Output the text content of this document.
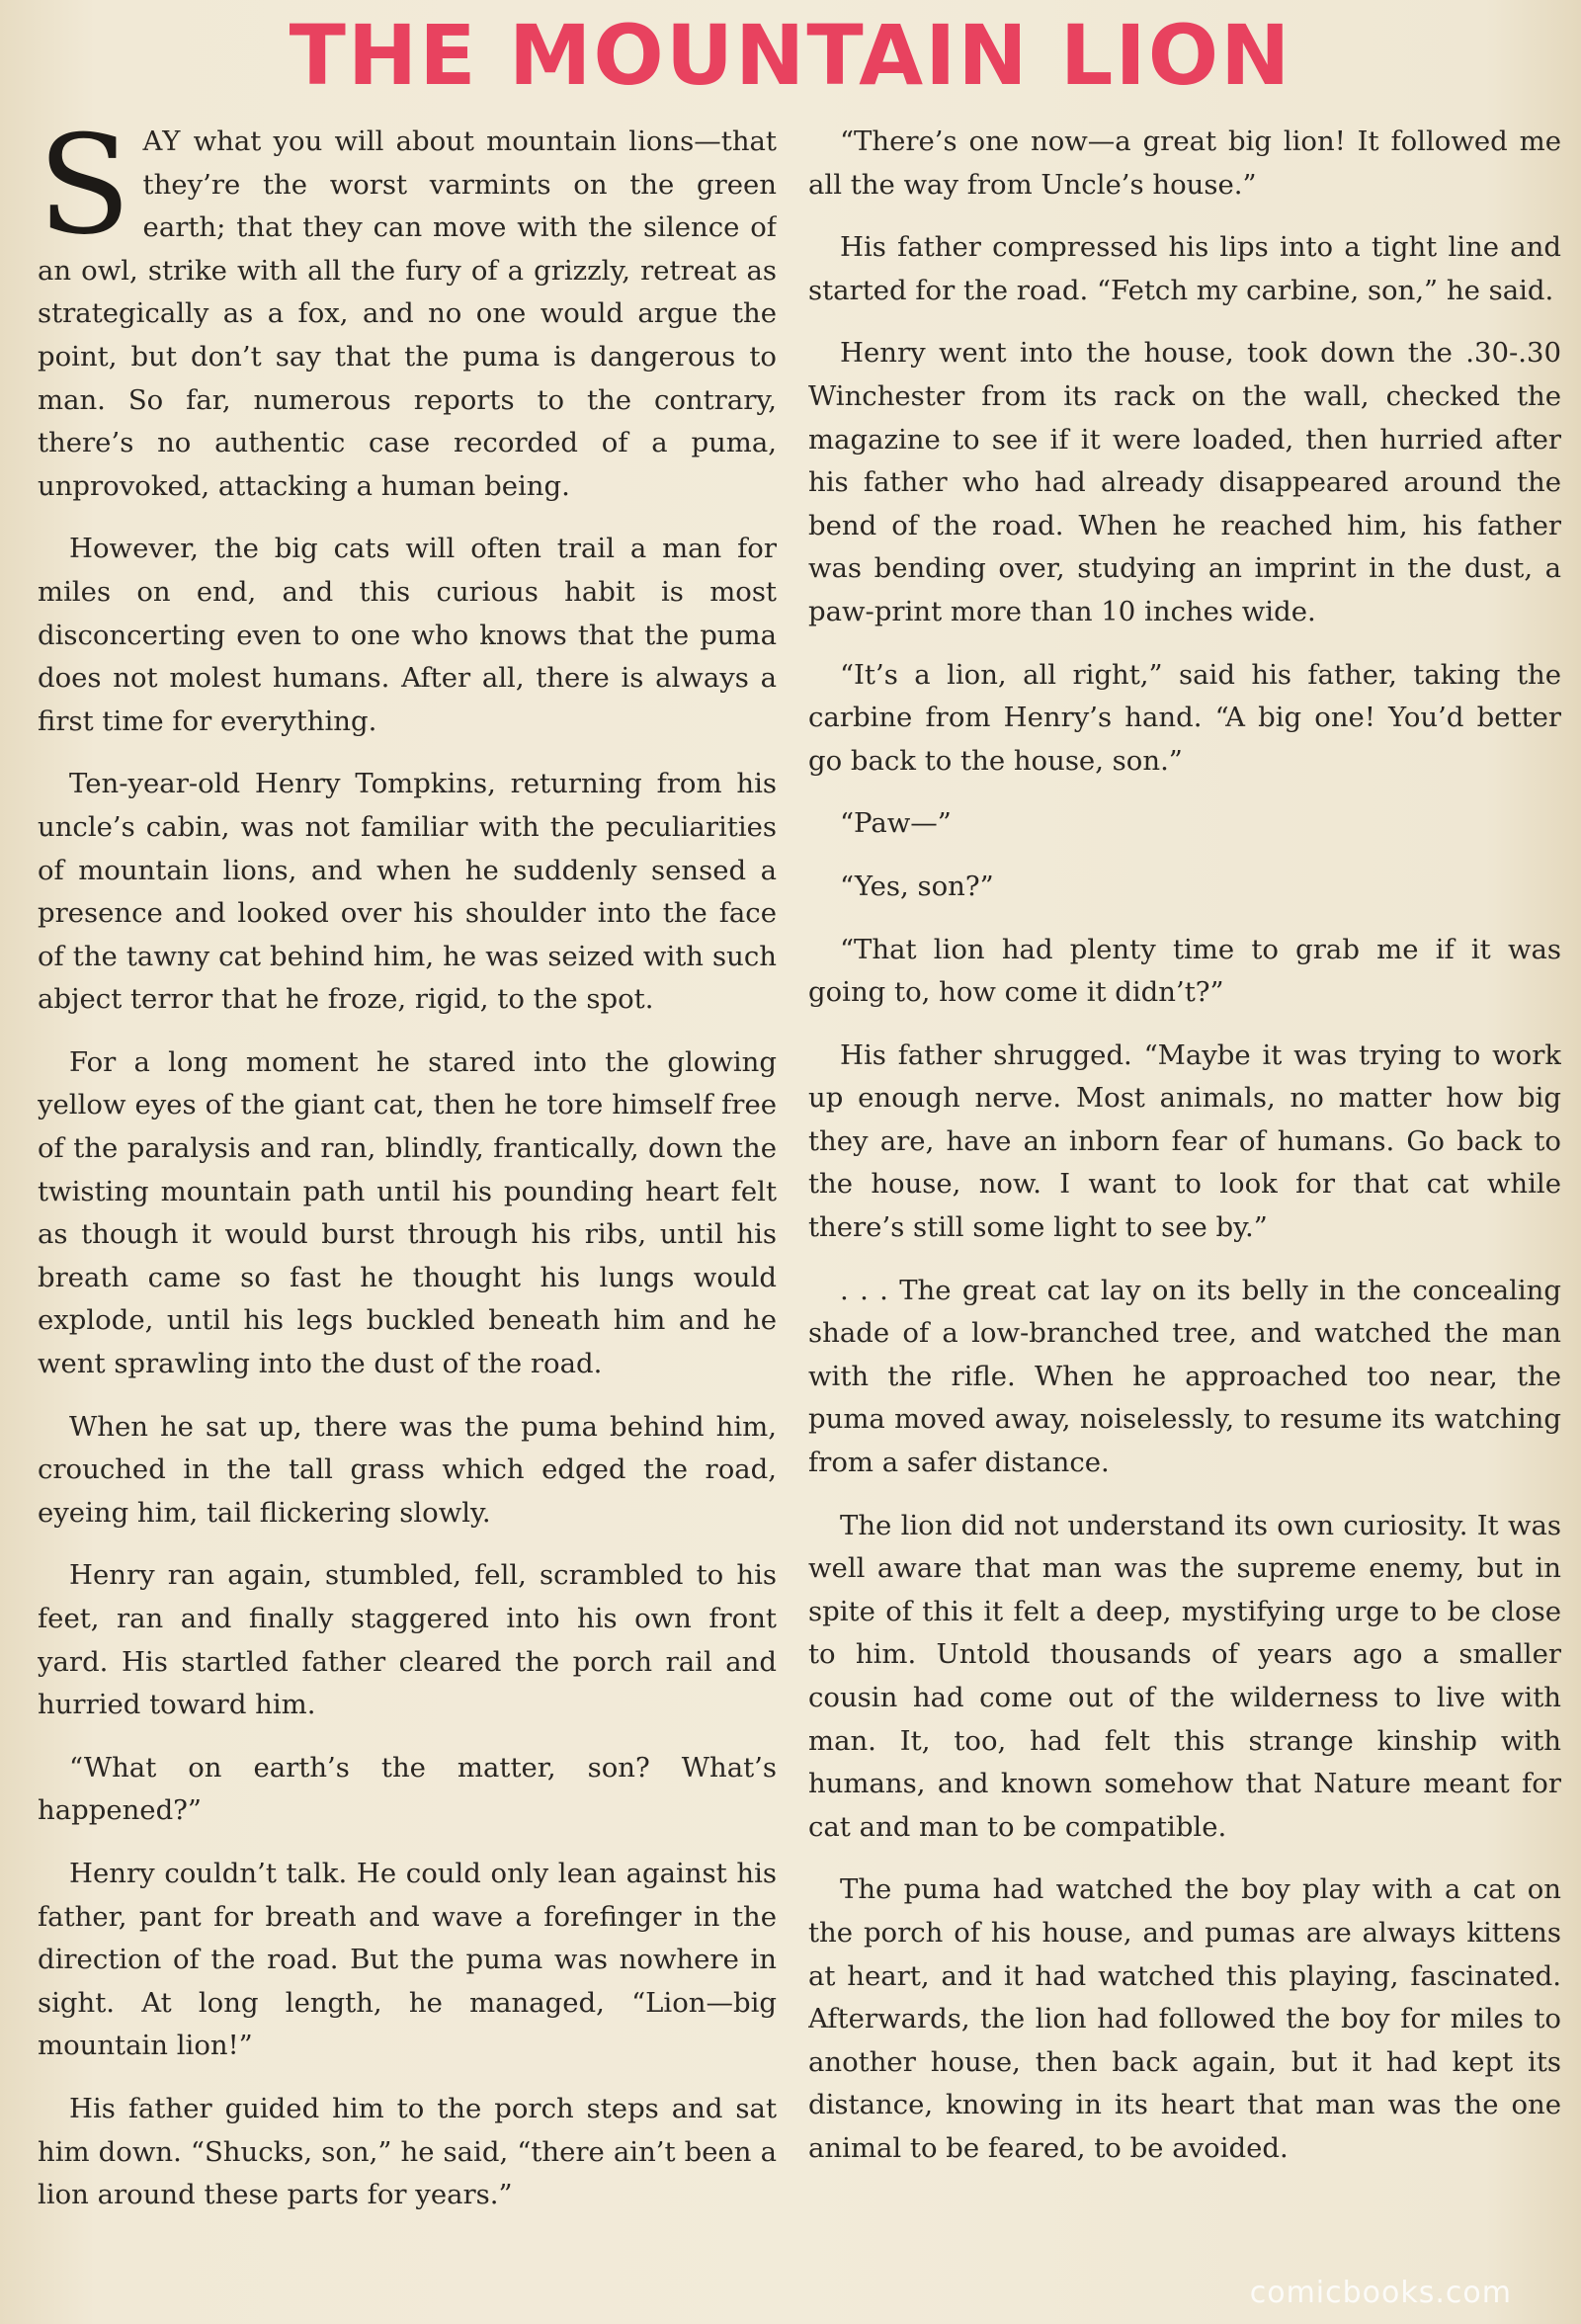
THE MOUNTAIN LION

SAY what you will about mountain lions—that they’re the worst varmints on the green earth; that they can move with the silence of an owl, strike with all the fury of a grizzly, retreat as strategically as a fox, and no one would argue the point, but don’t say that the puma is dangerous to man. So far, numerous reports to the contrary, there’s no authentic case recorded of a puma, unprovoked, attacking a human being.

However, the big cats will often trail a man for miles on end, and this curious habit is most disconcerting even to one who knows that the puma does not molest humans. After all, there is always a first time for everything.

Ten-year-old Henry Tompkins, returning from his uncle’s cabin, was not familiar with the peculiarities of mountain lions, and when he suddenly sensed a presence and looked over his shoulder into the face of the tawny cat behind him, he was seized with such abject terror that he froze, rigid, to the spot.

For a long moment he stared into the glowing yellow eyes of the giant cat, then he tore himself free of the paralysis and ran, blindly, frantically, down the twisting mountain path until his pounding heart felt as though it would burst through his ribs, until his breath came so fast he thought his lungs would explode, until his legs buckled beneath him and he went sprawling into the dust of the road.

When he sat up, there was the puma behind him, crouched in the tall grass which edged the road, eyeing him, tail flickering slowly.

Henry ran again, stumbled, fell, scrambled to his feet, ran and finally staggered into his own front yard. His startled father cleared the porch rail and hurried toward him.

“What on earth’s the matter, son? What’s happened?”

Henry couldn’t talk. He could only lean against his father, pant for breath and wave a forefinger in the direction of the road. But the puma was nowhere in sight. At long length, he managed, “Lion—big mountain lion!”

His father guided him to the porch steps and sat him down. “Shucks, son,” he said, “there ain’t been a lion around these parts for years.”

“There’s one now—a great big lion! It followed me all the way from Uncle’s house.”

His father compressed his lips into a tight line and started for the road. “Fetch my carbine, son,” he said.

Henry went into the house, took down the .30-.30 Winchester from its rack on the wall, checked the magazine to see if it were loaded, then hurried after his father who had already disappeared around the bend of the road. When he reached him, his father was bending over, studying an imprint in the dust, a paw-print more than 10 inches wide.

“It’s a lion, all right,” said his father, taking the carbine from Henry’s hand. “A big one! You’d better go back to the house, son.”

“Paw—”

“Yes, son?”

“That lion had plenty time to grab me if it was going to, how come it didn’t?”

His father shrugged. “Maybe it was trying to work up enough nerve. Most animals, no matter how big they are, have an inborn fear of humans. Go back to the house, now. I want to look for that cat while there’s still some light to see by.”

. . . The great cat lay on its belly in the concealing shade of a low-branched tree, and watched the man with the rifle. When he approached too near, the puma moved away, noiselessly, to resume its watching from a safer distance.

The lion did not understand its own curiosity. It was well aware that man was the supreme enemy, but in spite of this it felt a deep, mystifying urge to be close to him. Untold thousands of years ago a smaller cousin had come out of the wilderness to live with man. It, too, had felt this strange kinship with humans, and known somehow that Nature meant for cat and man to be compatible.

The puma had watched the boy play with a cat on the porch of his house, and pumas are always kittens at heart, and it had watched this playing, fascinated. Afterwards, the lion had followed the boy for miles to another house, then back again, but it had kept its distance, knowing in its heart that man was the one animal to be feared, to be avoided.

comicbooks.com
